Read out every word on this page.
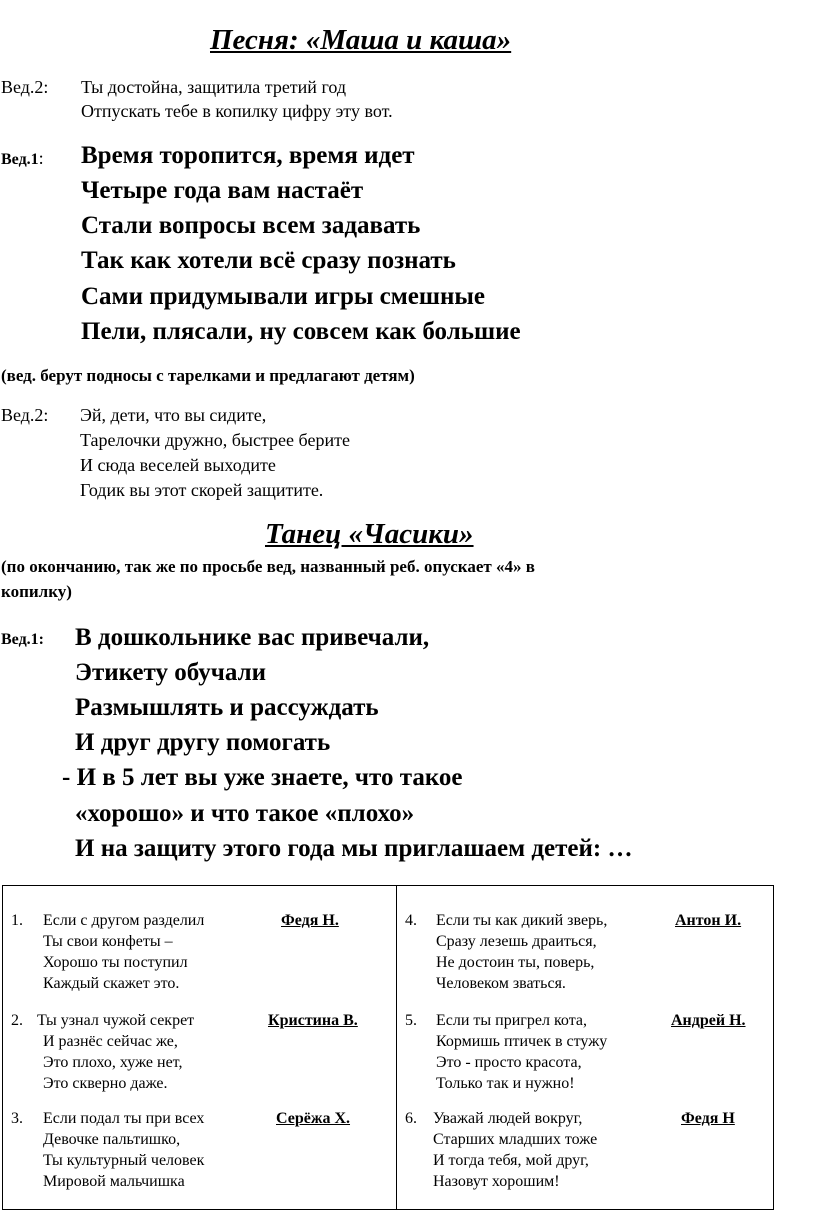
Песня: «Маша и каша»
Вед.2: Ты достойна, защитила третий год
Отпускать тебе в копилку цифру эту вот.
Вед.1: Время торопится, время идет
Четыре года вам настаёт
Стали вопросы всем задавать
Так как хотели всё сразу познать
Сами придумывали игры смешные
Пели, плясали, ну совсем как большие
(вед. берут подносы с тарелками и предлагают детям)
Вед.2: Эй, дети, что вы сидите,
Тарелочки дружно, быстрее берите
И сюда веселей выходите
Годик вы этот скорей защитите.
Танец «Часики»
(по окончанию, так же по просьбе вед, названный реб. опускает «4» в
копилку)
Вед.1: В дошкольнике вас привечали,
Этикету обучали
Размышлять и рассуждать
И друг другу помогать
- И в 5 лет вы уже знаете, что такое
«хорошо» и что такое «плохо»
И на защиту этого года мы приглашаем детей: …
1. Если с другом разделил
Ты свои конфеты –
Хорошо ты поступил
Каждый скажет это.
Федя Н.
2. Ты узнал чужой секрет
И разнёс сейчас же,
Это плохо, хуже нет,
Это скверно даже.
Кристина В.
3. Если подал ты при всех
Девочке пальтишко,
Ты культурный человек
Мировой мальчишка
Серёжа Х.
4. Если ты как дикий зверь,
Сразу лезешь драиться,
Не достоин ты, поверь,
Человеком зваться.
Антон И.
5. Если ты пригрел кота,
Кормишь птичек в стужу
Это - просто красота,
Только так и нужно!
Андрей Н.
6. Уважай людей вокруг,
Старших младших тоже
И тогда тебя, мой друг,
Назовут хорошим!
Федя Н
